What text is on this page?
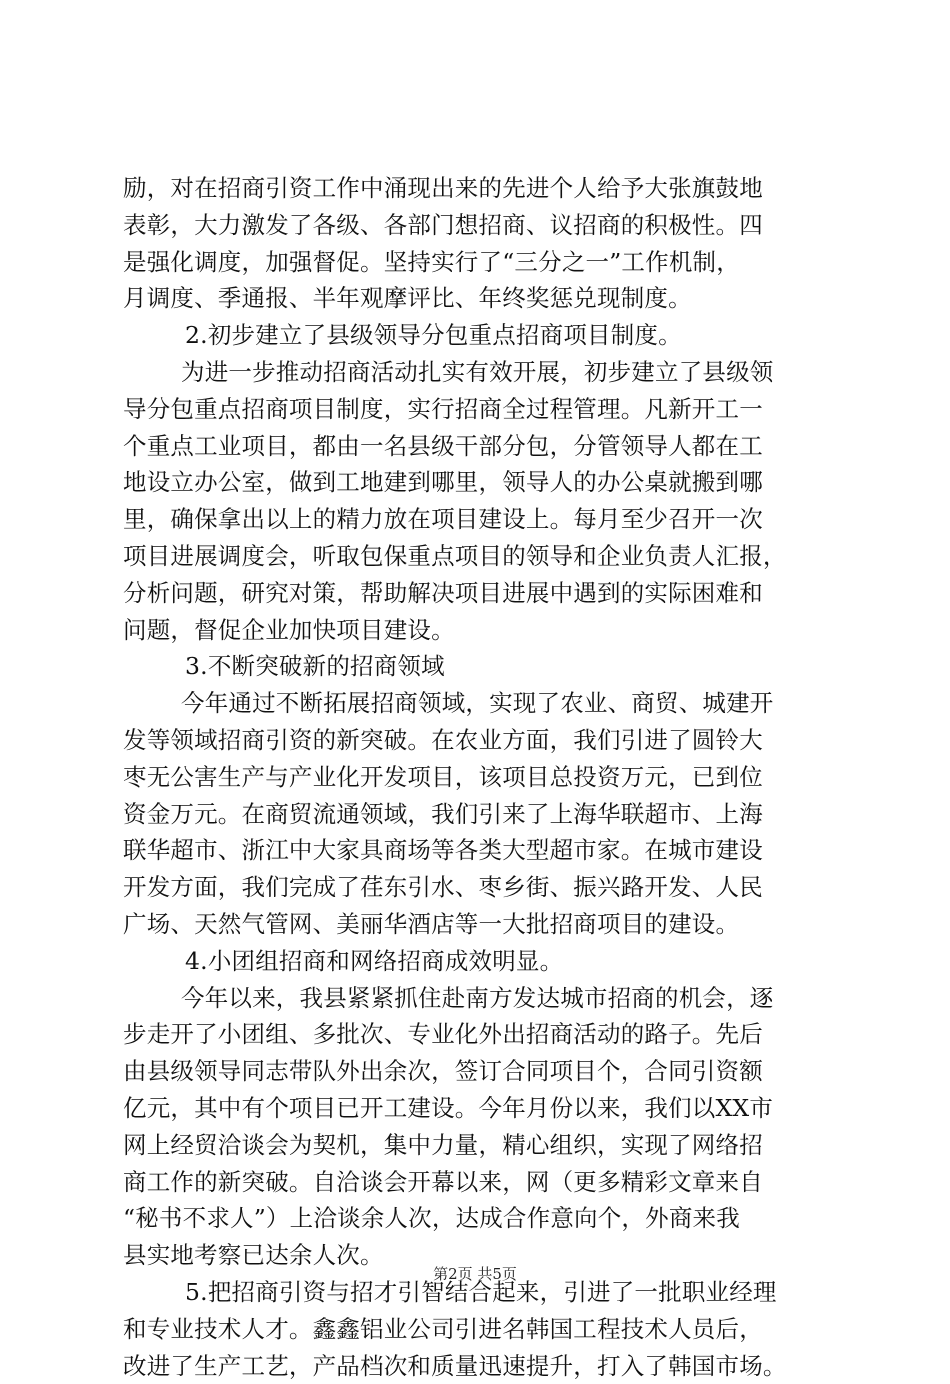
励，对在招商引资工作中涌现出来的先进个人给予大张旗鼓地
表彰，大力激发了各级、各部门想招商、议招商的积极性。四
是强化调度，加强督促。坚持实行了“三分之一”工作机制，
月调度、季通报、半年观摩评比、年终奖惩兑现制度。
2.初步建立了县级领导分包重点招商项目制度。
为进一步推动招商活动扎实有效开展，初步建立了县级领
导分包重点招商项目制度，实行招商全过程管理。凡新开工一
个重点工业项目，都由一名县级干部分包，分管领导人都在工
地设立办公室，做到工地建到哪里，领导人的办公桌就搬到哪
里，确保拿出以上的精力放在项目建设上。每月至少召开一次
项目进展调度会，听取包保重点项目的领导和企业负责人汇报，
分析问题，研究对策，帮助解决项目进展中遇到的实际困难和
问题，督促企业加快项目建设。
3.不断突破新的招商领域
今年通过不断拓展招商领域，实现了农业、商贸、城建开
发等领域招商引资的新突破。在农业方面，我们引进了圆铃大
枣无公害生产与产业化开发项目，该项目总投资万元，已到位
资金万元。在商贸流通领域，我们引来了上海华联超市、上海
联华超市、浙江中大家具商场等各类大型超市家。在城市建设
开发方面，我们完成了荏东引水、枣乡街、振兴路开发、人民
广场、天然气管网、美丽华酒店等一大批招商项目的建设。
4.小团组招商和网络招商成效明显。
今年以来，我县紧紧抓住赴南方发达城市招商的机会，逐
步走开了小团组、多批次、专业化外出招商活动的路子。先后
由县级领导同志带队外出余次，签订合同项目个，合同引资额
亿元，其中有个项目已开工建设。今年月份以来，我们以XX市
网上经贸洽谈会为契机，集中力量，精心组织，实现了网络招
商工作的新突破。自洽谈会开幕以来，网（更多精彩文章来自
“秘书不求人”）上洽谈余人次，达成合作意向个，外商来我
县实地考察已达余人次。
5.把招商引资与招才引智结合起来，引进了一批职业经理
和专业技术人才。鑫鑫铝业公司引进名韩国工程技术人员后，
改进了生产工艺，产品档次和质量迅速提升，打入了韩国市场。
第2页 共5页
